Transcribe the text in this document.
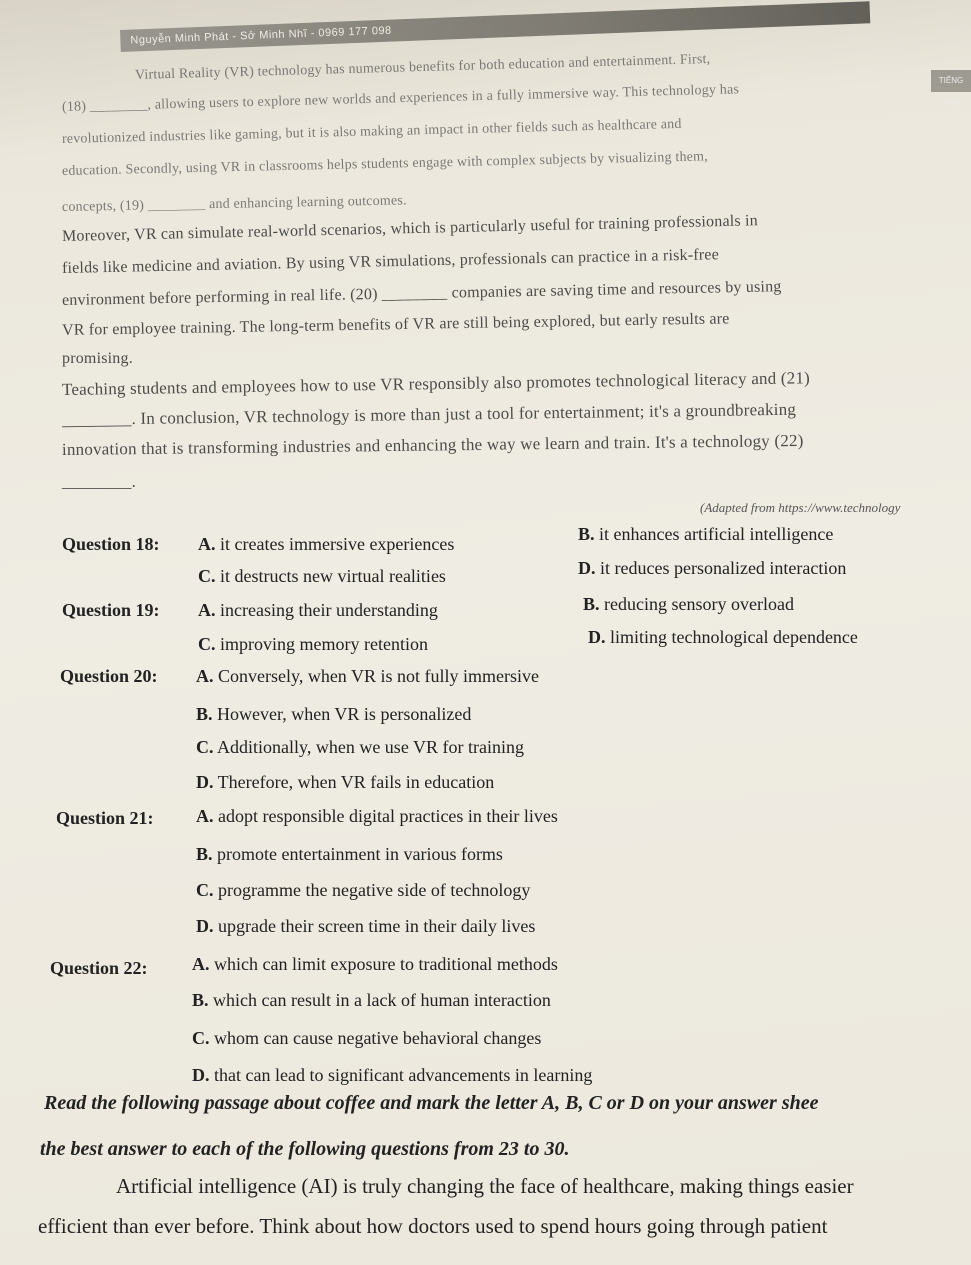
Nguyễn Minh Phát - Sở Minh Nhĩ - 0969 177 098
TIẾNG ANH
Virtual Reality (VR) technology has numerous benefits for both education and entertainment. First,
(18) ________, allowing users to explore new worlds and experiences in a fully immersive way. This technology has
revolutionized industries like gaming, but it is also making an impact in other fields such as healthcare and
education. Secondly, using VR in classrooms helps students engage with complex subjects by visualizing them,
concepts, (19) ________ and enhancing learning outcomes.
Moreover, VR can simulate real-world scenarios, which is particularly useful for training professionals in
fields like medicine and aviation. By using VR simulations, professionals can practice in a risk-free
environment before performing in real life. (20) ________ companies are saving time and resources by using
VR for employee training. The long-term benefits of VR are still being explored, but early results are
promising.
Teaching students and employees how to use VR responsibly also promotes technological literacy and (21)
________. In conclusion, VR technology is more than just a tool for entertainment; it's a groundbreaking
innovation that is transforming industries and enhancing the way we learn and train. It's a technology (22)
________.
(Adapted from https://www.technology
Question 18: A. it creates immersive experiences	B. it enhances artificial intelligence
C. it destructs new virtual realities	D. it reduces personalized interaction
Question 19: A. increasing their understanding	B. reducing sensory overload
C. improving memory retention	D. limiting technological dependence
Question 20: A. Conversely, when VR is not fully immersive
B. However, when VR is personalized
C. Additionally, when we use VR for training
D. Therefore, when VR fails in education
Question 21: A. adopt responsible digital practices in their lives
B. promote entertainment in various forms
C. programme the negative side of technology
D. upgrade their screen time in their daily lives
Question 22: A. which can limit exposure to traditional methods
B. which can result in a lack of human interaction
C. whom can cause negative behavioral changes
D. that can lead to significant advancements in learning
Read the following passage about coffee and mark the letter A, B, C or D on your answer shee
the best answer to each of the following questions from 23 to 30.
Artificial intelligence (AI) is truly changing the face of healthcare, making things easier
efficient than ever before. Think about how doctors used to spend hours going through patient
